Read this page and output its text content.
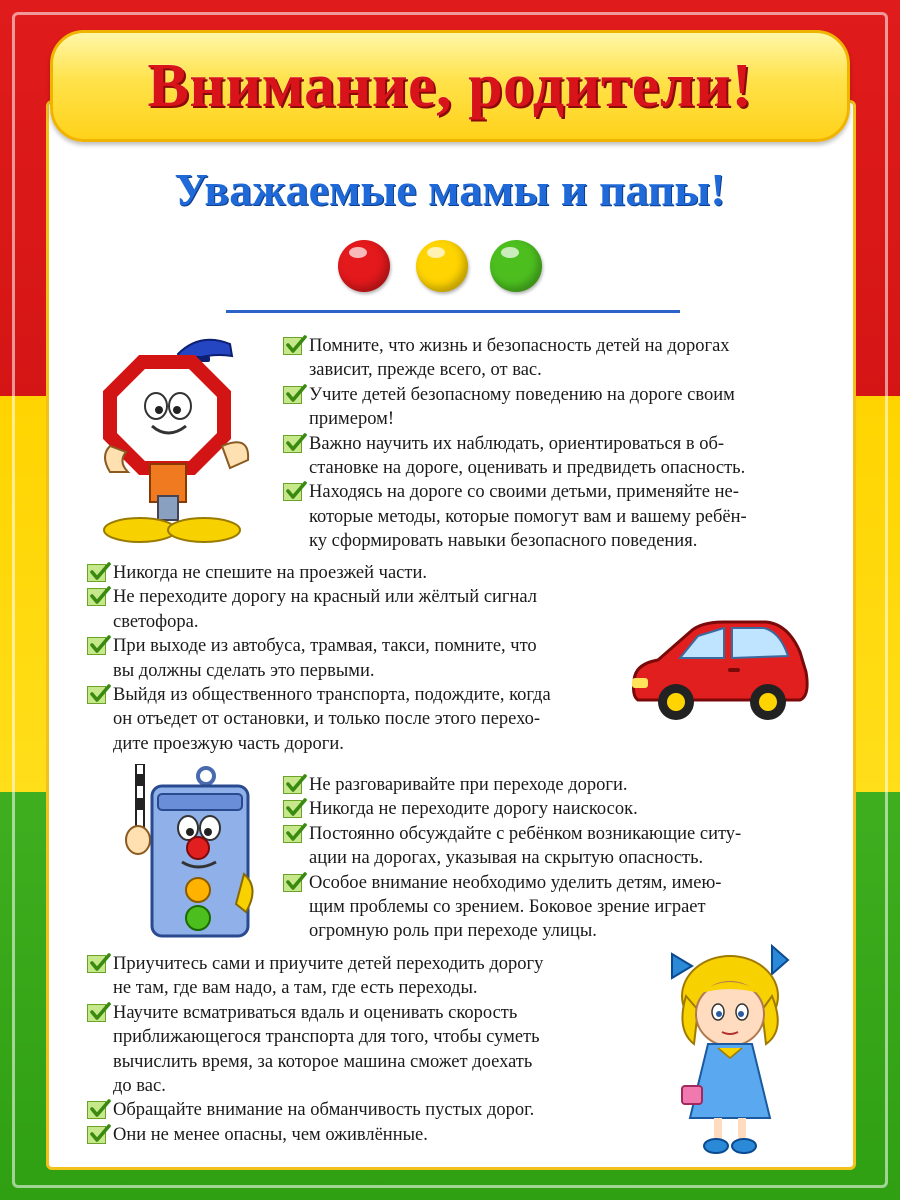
Внимание, родители!
Уважаемые мамы и папы!
Помните, что жизнь и безопасность детей на дорогах
зависит, прежде всего, от вас.
Учите детей безопасному поведению на дороге своим
примером!
Важно научить их наблюдать, ориентироваться в об-
становке на дороге, оценивать и предвидеть опасность.
Находясь на дороге со своими детьми, применяйте не-
которые методы, которые помогут вам и вашему ребён-
ку сформировать навыки безопасного поведения.
Никогда не спешите на проезжей части.
Не переходите дорогу на красный или жёлтый сигнал
светофора.
При выходе из автобуса, трамвая, такси, помните, что
вы должны сделать это первыми.
Выйдя из общественного транспорта, подождите, когда
он отъедет от остановки, и только после этого перехо-
дите проезжую часть дороги.
Не разговаривайте при переходе дороги.
Никогда не переходите дорогу наискосок.
Постоянно обсуждайте с ребёнком возникающие ситу-
ации на дорогах, указывая на скрытую опасность.
Особое внимание необходимо уделить детям, имею-
щим проблемы со зрением. Боковое зрение играет
огромную роль при переходе улицы.
Приучитесь сами и приучите детей переходить дорогу
не там, где вам надо, а там, где есть переходы.
Научите всматриваться вдаль и оценивать скорость
приближающегося транспорта для того, чтобы суметь
вычислить время, за которое машина сможет доехать
до вас.
Обращайте внимание на обманчивость пустых дорог.
Они не менее опасны, чем оживлённые.
